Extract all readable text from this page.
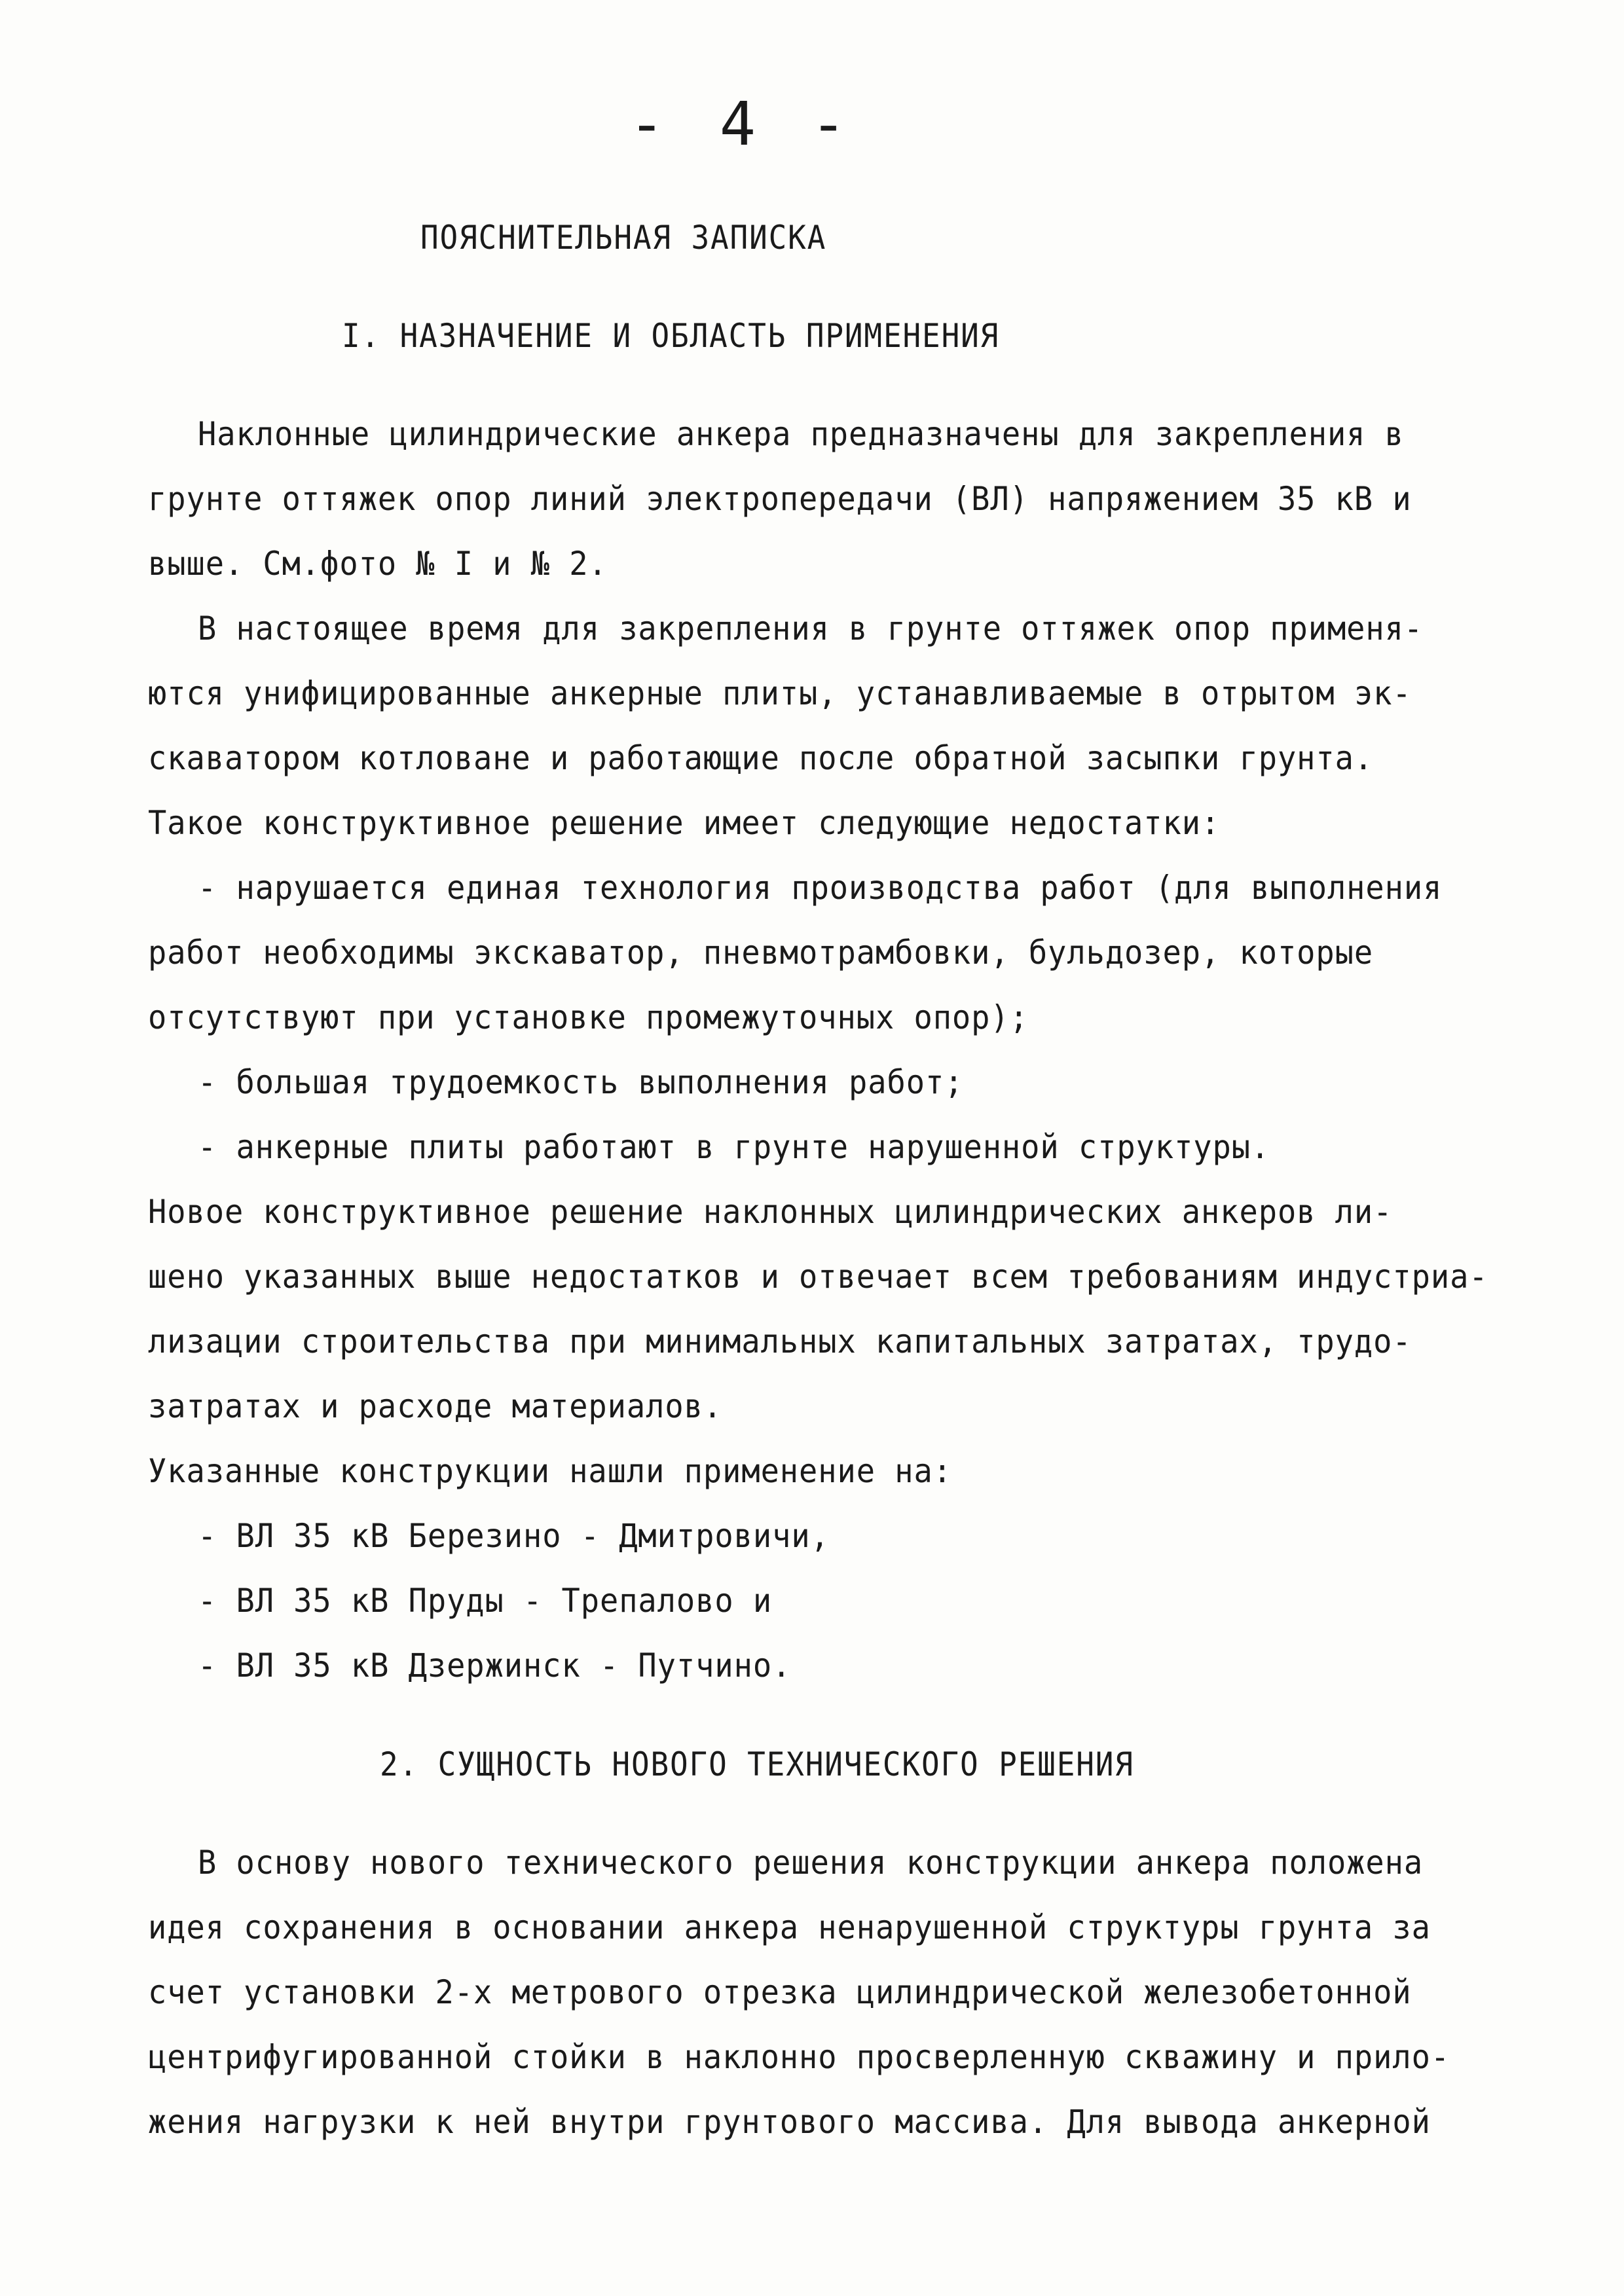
- 4 -
ПОЯСНИТЕЛЬНАЯ ЗАПИСКА
I. НАЗНАЧЕНИЕ И ОБЛАСТЬ ПРИМЕНЕНИЯ
Наклонные цилиндрические анкера предназначены для закрепления в
грунте оттяжек опор линий электропередачи (ВЛ) напряжением 35 кВ и
выше. См.фото № I и № 2.
В настоящее время для закрепления в грунте оттяжек опор применя-
ются унифицированные анкерные плиты, устанавливаемые в отрытом эк-
скаватором котловане и работающие после обратной засыпки грунта.
Такое конструктивное решение имеет следующие недостатки:
- нарушается единая технология производства работ (для выполнения
работ необходимы экскаватор, пневмотрамбовки, бульдозер, которые
отсутствуют при установке промежуточных опор);
- большая трудоемкость выполнения работ;
- анкерные плиты работают в грунте нарушенной структуры.
Новое конструктивное решение наклонных цилиндрических анкеров ли-
шено указанных выше недостатков и отвечает всем требованиям индустриа-
лизации строительства при минимальных капитальных затратах, трудо-
затратах и расходе материалов.
Указанные конструкции нашли применение на:
- ВЛ 35 кВ Березино - Дмитровичи,
- ВЛ 35 кВ Пруды - Трепалово и
- ВЛ 35 кВ Дзержинск - Путчино.
2. СУЩНОСТЬ НОВОГО ТЕХНИЧЕСКОГО РЕШЕНИЯ
В основу нового технического решения конструкции анкера положена
идея сохранения в основании анкера ненарушенной структуры грунта за
счет установки 2-х метрового отрезка цилиндрической железобетонной
центрифугированной стойки в наклонно просверленную скважину и прило-
жения нагрузки к ней внутри грунтового массива. Для вывода анкерной
